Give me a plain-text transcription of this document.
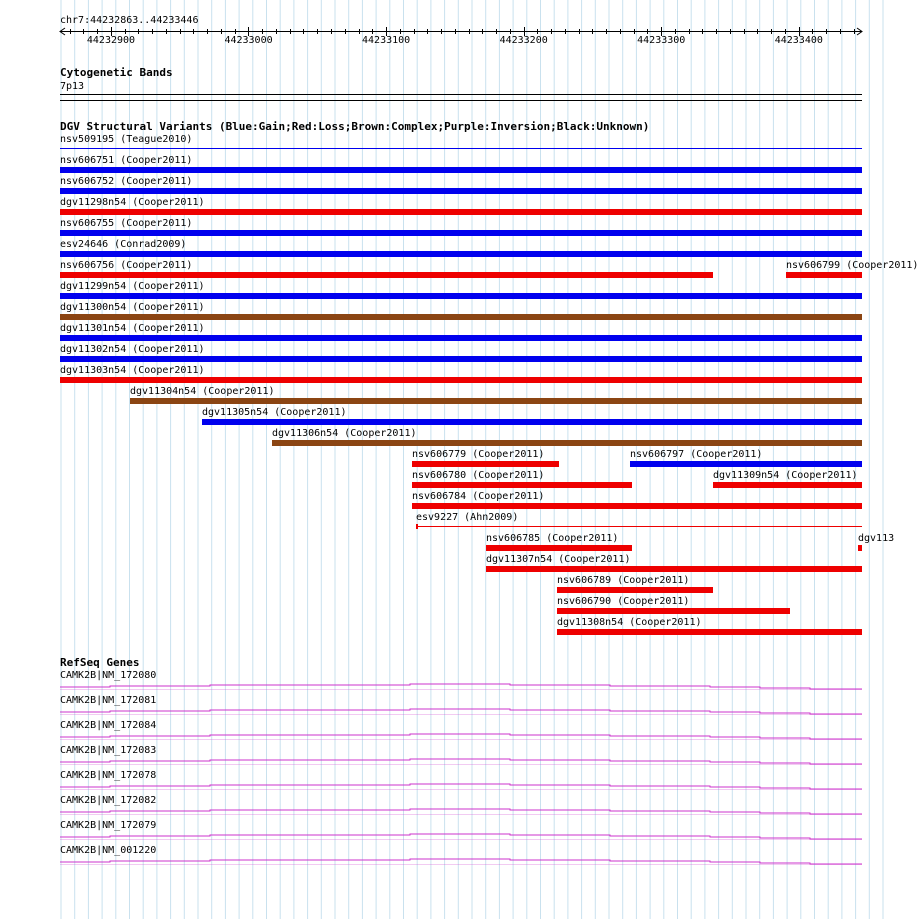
chr7:44232863..44233446
44232900	44233000	44233100	44233200	44233300	44233400
Cytogenetic Bands
7p13
DGV Structural Variants (Blue:Gain;Red:Loss;Brown:Complex;Purple:Inversion;Black:Unknown)
nsv509195 (Teague2010)
nsv606751 (Cooper2011)
nsv606752 (Cooper2011)
dgv11298n54 (Cooper2011)
nsv606755 (Cooper2011)
esv24646 (Conrad2009)
nsv606756 (Cooper2011)	nsv606799 (Cooper2011)
dgv11299n54 (Cooper2011)
dgv11300n54 (Cooper2011)
dgv11301n54 (Cooper2011)
dgv11302n54 (Cooper2011)
dgv11303n54 (Cooper2011)
dgv11304n54 (Cooper2011)
dgv11305n54 (Cooper2011)
dgv11306n54 (Cooper2011)
nsv606779 (Cooper2011)	nsv606797 (Cooper2011)
nsv606780 (Cooper2011)	dgv11309n54 (Cooper2011)
nsv606784 (Cooper2011)
esv9227 (Ahn2009)
nsv606785 (Cooper2011)	dgv113
dgv11307n54 (Cooper2011)
nsv606789 (Cooper2011)
nsv606790 (Cooper2011)
dgv11308n54 (Cooper2011)
RefSeq Genes
CAMK2B|NM_172080
CAMK2B|NM_172081
CAMK2B|NM_172084
CAMK2B|NM_172083
CAMK2B|NM_172078
CAMK2B|NM_172082
CAMK2B|NM_172079
CAMK2B|NM_001220
